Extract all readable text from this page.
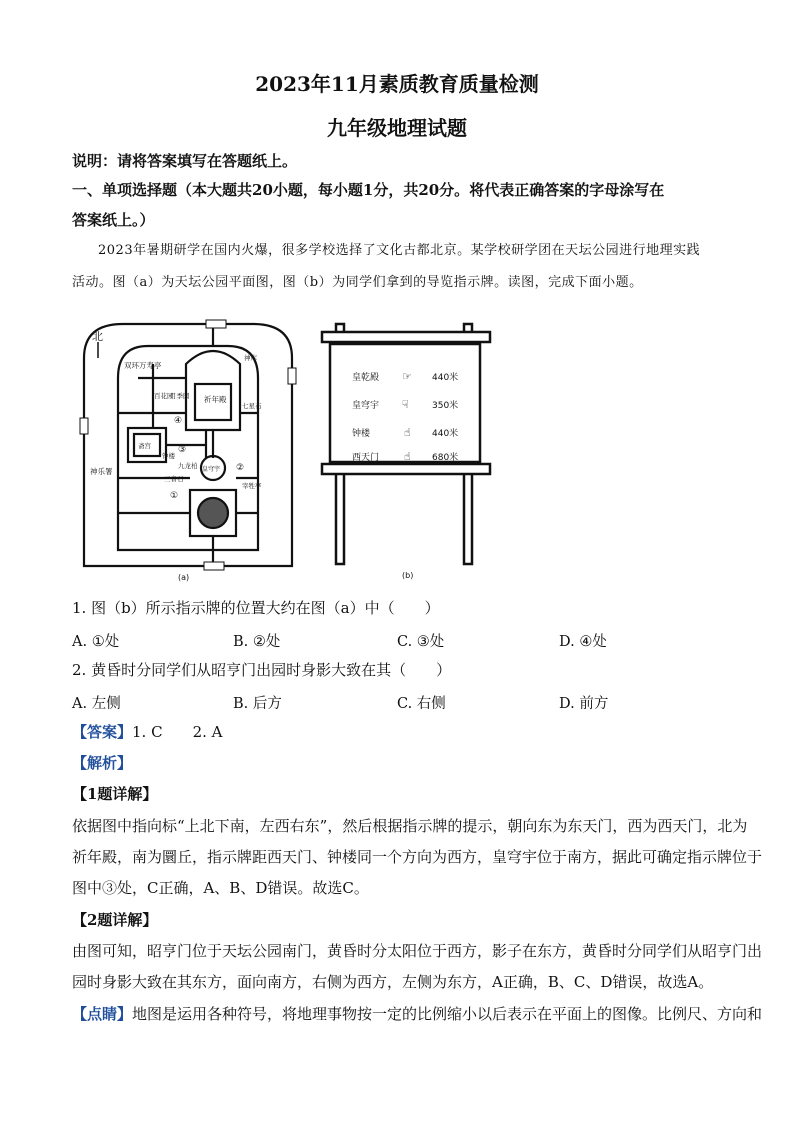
2023年11月素质教育质量检测
九年级地理试题
说明：请将答案填写在答题纸上。
一、单项选择题（本大题共20小题，每小题1分，共20分。将代表正确答案的字母涂写在
答案纸上。）
2023年暑期研学在国内火爆，很多学校选择了文化古都北京。某学校研学团在天坛公园进行地理实践
活动。图（a）为天坛公园平面图，图（b）为同学们拿到的导览指示牌。读图，完成下面小题。
北
祈年殿
双环万寿亭
百花园
月季园
斋宫
钟楼
神乐署
九龙柏 皇穹宇
三音石
七星石
神库
宰牲亭
③
②
①
④
(a)
皇乾殿 ☞ 440米
皇穹宇 ☟	350米
钟楼	☝ 440米
西天门 ☝ 680米
(b)
1. 图（b）所示指示牌的位置大约在图（a）中（　　）
A. ①处	B. ②处	C. ③处	D. ④处
2. 黄昏时分同学们从昭亨门出园时身影大致在其（　　）
A. 左侧	B. 后方	C. 右侧	D. 前方
【答案】1. C　　2. A
【解析】
【1题详解】
依据图中指向标“上北下南，左西右东”，然后根据指示牌的提示，朝向东为东天门，西为西天门，北为
祈年殿，南为圜丘，指示牌距西天门、钟楼同一个方向为西方，皇穹宇位于南方，据此可确定指示牌位于
图中③处，C正确，A、B、D错误。故选C。
【2题详解】
由图可知，昭亨门位于天坛公园南门，黄昏时分太阳位于西方，影子在东方，黄昏时分同学们从昭亨门出
园时身影大致在其东方，面向南方，右侧为西方，左侧为东方，A正确，B、C、D错误，故选A。
【点睛】地图是运用各种符号，将地理事物按一定的比例缩小以后表示在平面上的图像。比例尺、方向和
